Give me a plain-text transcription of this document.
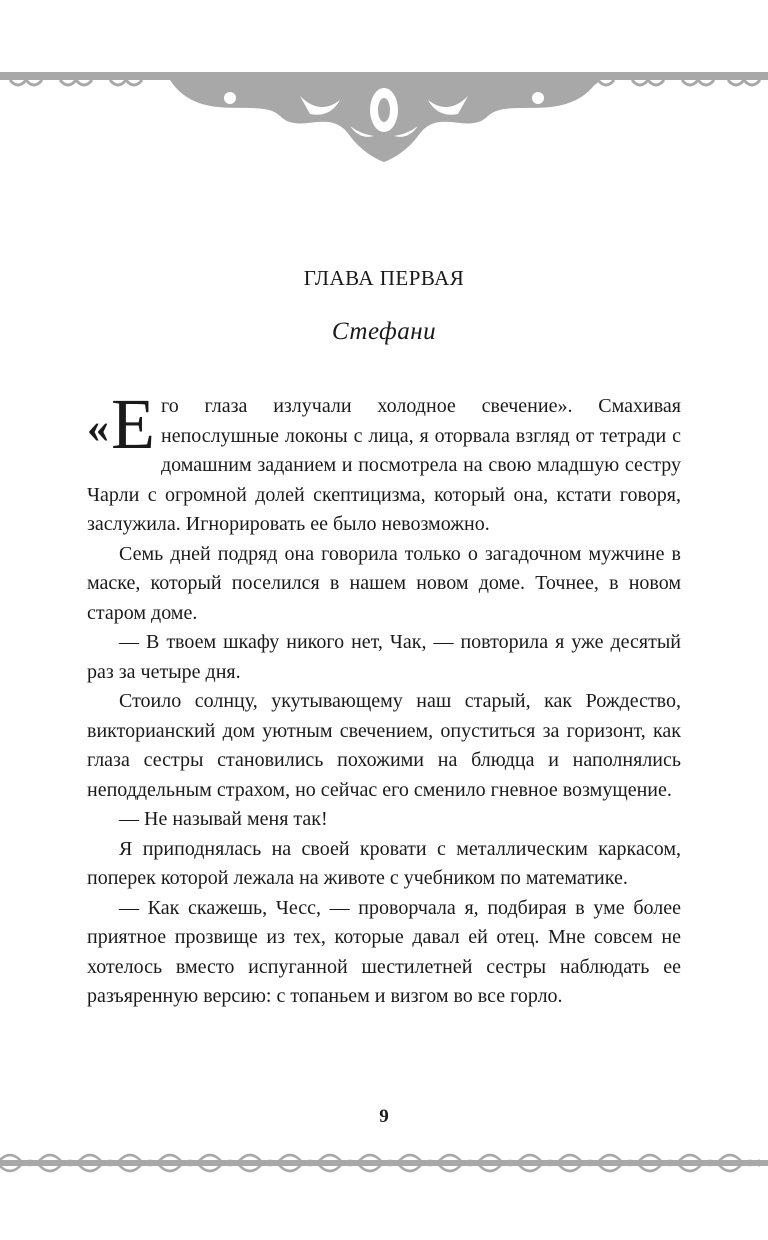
ГЛАВА ПЕРВАЯ
Стефани

« Е го глаза излучали холодное свечение». Смахивая непослушные локоны с лица, я оторвала взгляд от тетради с домашним заданием и посмотрела на свою младшую сестру Чарли с огромной долей скептицизма, который она, кстати говоря, заслужила. Игнорировать ее было невозможно.

Семь дней подряд она говорила только о загадочном мужчине в маске, который поселился в нашем новом доме. Точнее, в новом старом доме.

— В твоем шкафу никого нет, Чак, — повторила я уже десятый раз за четыре дня.

Стоило солнцу, укутывающему наш старый, как Рождество, викторианский дом уютным свечением, опуститься за горизонт, как глаза сестры становились похожими на блюдца и наполнялись неподдельным страхом, но сейчас его сменило гневное возмущение.

— Не называй меня так!

Я приподнялась на своей кровати с металлическим каркасом, поперек которой лежала на животе с учебником по математике.

— Как скажешь, Чесс, — проворчала я, подбирая в уме более приятное прозвище из тех, которые давал ей отец. Мне совсем не хотелось вместо испуганной шестилетней сестры наблюдать ее разъяренную версию: с топаньем и визгом во все горло.

9
